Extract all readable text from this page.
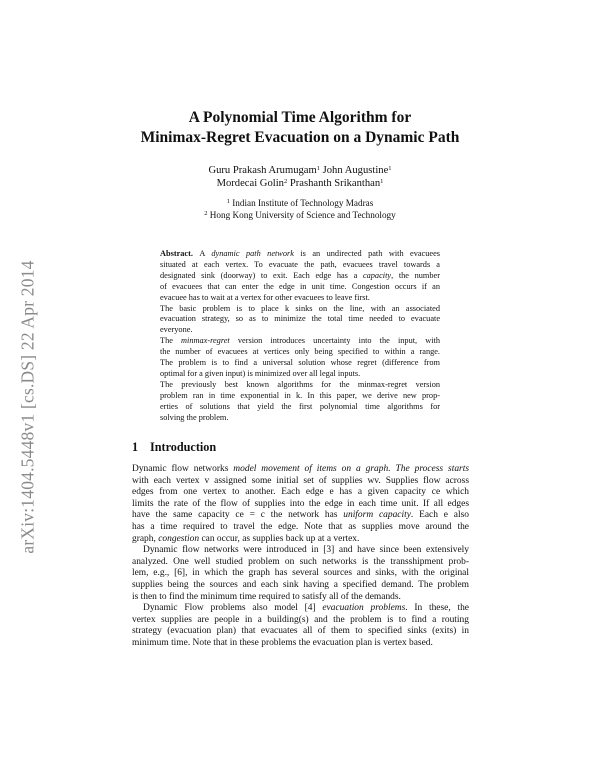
arXiv:1404.5448v1 [cs.DS] 22 Apr 2014
A Polynomial Time Algorithm for
Minimax-Regret Evacuation on a Dynamic Path
Guru Prakash Arumugam$^1$ John Augustine$^1$
Mordecai Golin$^2$ Prashanth Srikanthan$^1$
$^1$ Indian Institute of Technology Madras
$^2$ Hong Kong University of Science and Technology
Abstract. A dynamic path network is an undirected path with evacuees
situated at each vertex. To evacuate the path, evacuees travel towards a
designated sink (doorway) to exit. Each edge has a capacity, the number
of evacuees that can enter the edge in unit time. Congestion occurs if an
evacuee has to wait at a vertex for other evacuees to leave first.
The basic problem is to place k sinks on the line, with an associated
evacuation strategy, so as to minimize the total time needed to evacuate
everyone.
The minmax-regret version introduces uncertainty into the input, with
the number of evacuees at vertices only being specified to within a range.
The problem is to find a universal solution whose regret (difference from
optimal for a given input) is minimized over all legal inputs.
The previously best known algorithms for the minmax-regret version
problem ran in time exponential in k. In this paper, we derive new prop-
erties of solutions that yield the first polynomial time algorithms for
solving the problem.
1 Introduction
Dynamic flow networks model movement of items on a graph. The process starts
with each vertex v assigned some initial set of supplies wv. Supplies flow across
edges from one vertex to another. Each edge e has a given capacity ce which
limits the rate of the flow of supplies into the edge in each time unit. If all edges
have the same capacity ce = c the network has uniform capacity. Each e also
has a time required to travel the edge. Note that as supplies move around the
graph, congestion can occur, as supplies back up at a vertex.
Dynamic flow networks were introduced in [3] and have since been extensively
analyzed. One well studied problem on such networks is the transshipment prob-
lem, e.g., [6], in which the graph has several sources and sinks, with the original
supplies being the sources and each sink having a specified demand. The problem
is then to find the minimum time required to satisfy all of the demands.
Dynamic Flow problems also model [4] evacuation problems. In these, the
vertex supplies are people in a building(s) and the problem is to find a routing
strategy (evacuation plan) that evacuates all of them to specified sinks (exits) in
minimum time. Note that in these problems the evacuation plan is vertex based.
